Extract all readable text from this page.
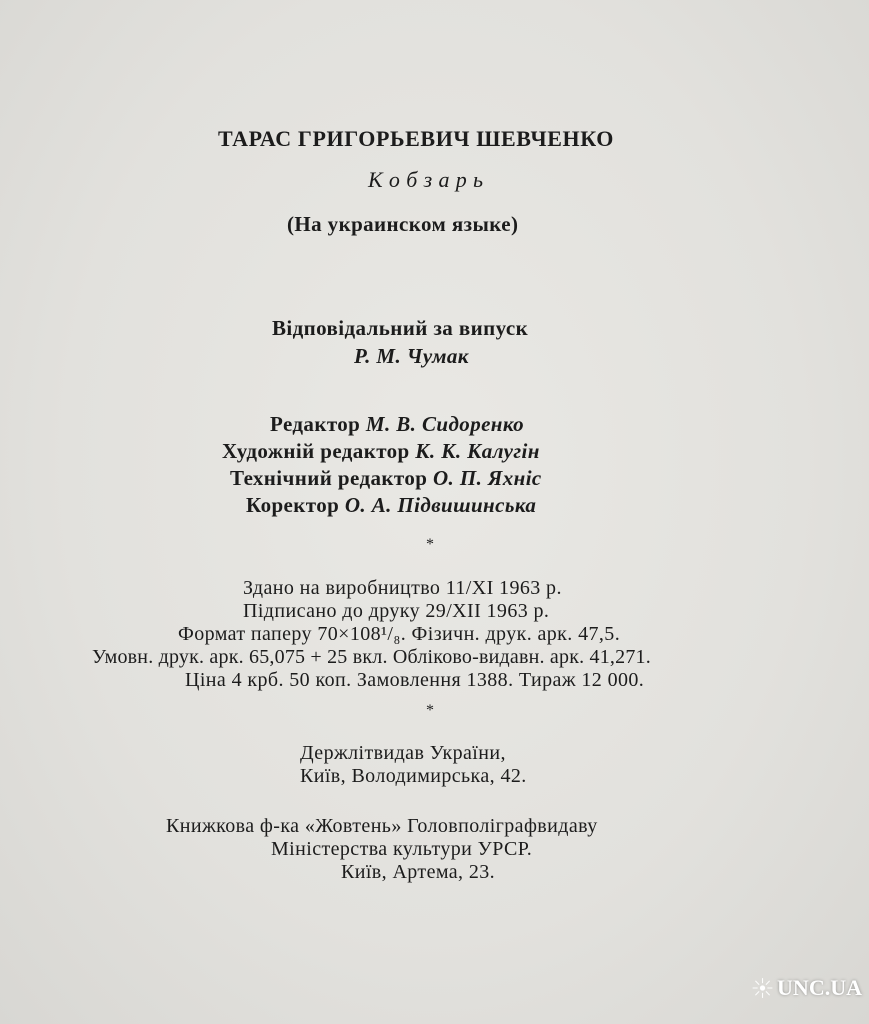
ТАРАС ГРИГОРЬЕВИЧ ШЕВЧЕНКО
К о б з а р ь
(На украинском языке)
Відповідальний за випуск
Р. М. Чумак
Редактор М. В. Сидоренко
Художній редактор К. К. Калугін
Технічний редактор О. П. Яхніс
Коректор О. А. Підвишинська
*
Здано на виробництво 11/XI 1963 р.
Підписано до друку 29/XII 1963 р.
Формат паперу 70×108¹/₈. Фізичн. друк. арк. 47,5.
Умовн. друк. арк. 65,075 + 25 вкл. Обліково-видавн. арк. 41,271.
Ціна 4 крб. 50 коп. Замовлення 1388. Тираж 12 000.
*
Держлітвидав України,
Київ, Володимирська, 42.
Книжкова ф-ка «Жовтень» Головполіграфвидаву
Міністерства культури УРСР.
Київ, Артема, 23.
UNC.UA
